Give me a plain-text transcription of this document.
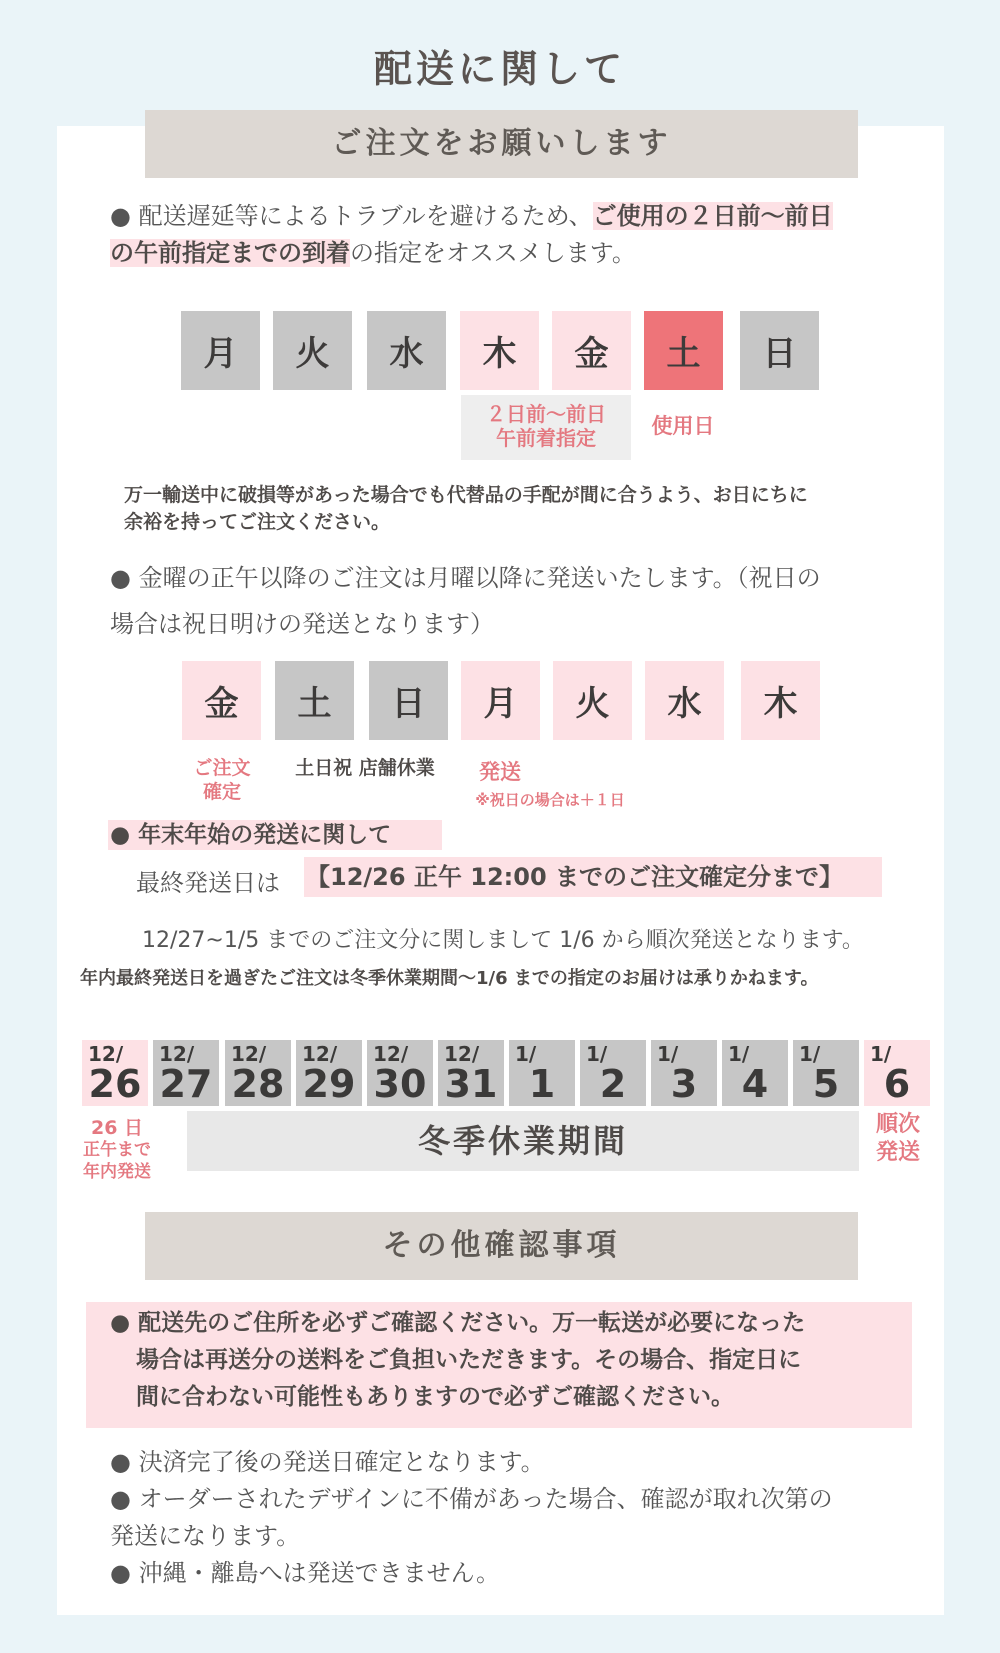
配送に関して
ご注文をお願いします
● 配送遅延等によるトラブルを避けるため、ご使用の２日前〜前日
の午前指定までの到着の指定をオススメします。
月	火	水	木	金	土	日
２日前〜前日
午前着指定	使用日
万一輸送中に破損等があった場合でも代替品の手配が間に合うよう、お日にちに
余裕を持ってご注文ください。
● 金曜の正午以降のご注文は月曜以降に発送いたします。（祝日の
場合は祝日明けの発送となります）
金	土	日	月	火	水	木
ご注文
確定
土日祝 店舗休業	発送
※祝日の場合は＋１日
● 年末年始の発送に関して
最終発送日は 【12/26 正午 12:00 までのご注文確定分まで】
12/27~1/5 までのご注文分に関しまして 1/6 から順次発送となります。
年内最終発送日を過ぎたご注文は冬季休業期間〜1/6 までの指定のお届けは承りかねます。
12/
26
12/
27
12/
28
12/
29
12/
30
12/
31
1/
1
1/
2
1/
3
1/
4
1/
5
1/
6
26 日
正午まで
年内発送
冬季休業期間	順次
発送
その他確認事項
● 配送先のご住所を必ずご確認ください。万一転送が必要になった
場合は再送分の送料をご負担いただきます。その場合、指定日に
間に合わない可能性もありますので必ずご確認ください。
● 決済完了後の発送日確定となります。
● オーダーされたデザインに不備があった場合、確認が取れ次第の
発送になります。
● 沖縄・離島へは発送できません。
